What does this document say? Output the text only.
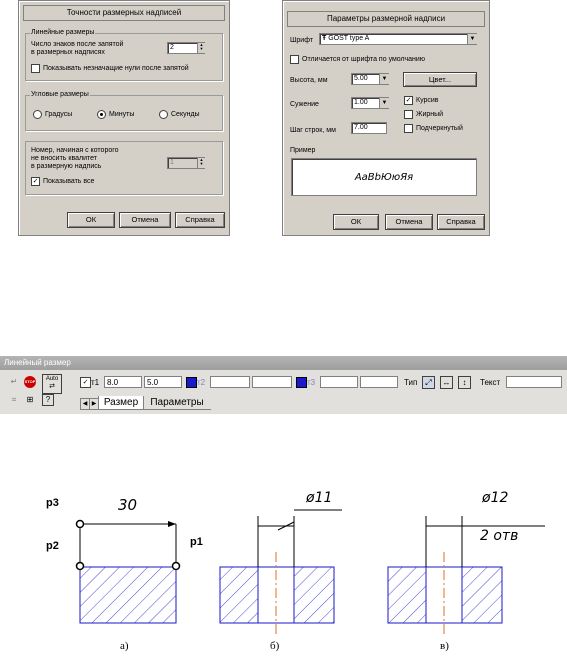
Точности размерных надписей
Линейные размеры
Число знаков после запятой
в размерных надписях
2	▲
▼
Показывать незначащие нули после запятой
Угловые размеры
Градусы	Минуты	Секунды
Номер, начиная с которого
не вносить квалитет
в размерную надпись
1	▲
▼
✓ Показывать все
ОК	Отмена	Справка
Параметры размерной надписи
Шрифт	Ŧ GOST type A	▼
Отличается от шрифта по умолчанию
Высота, мм	5.00	▼	Цвет...
Сужение	1.00	▼	✓ Курсив
Жирный
Подчеркнутый
Шаг строк, мм	7.00
Пример
АаВbЮюЯя
ОК	Отмена	Справка
Линейный размер
↵	STOP	Auto
⇄
⌗	⊞	?
✓ т1 8.0	5.0	т2	т3	Тип ⤢	↔	↕	Текст
◀ ▶ Размер	Параметры
p3
p2	p1
30	ø11	ø12
2 отв
а)	б)	в)
